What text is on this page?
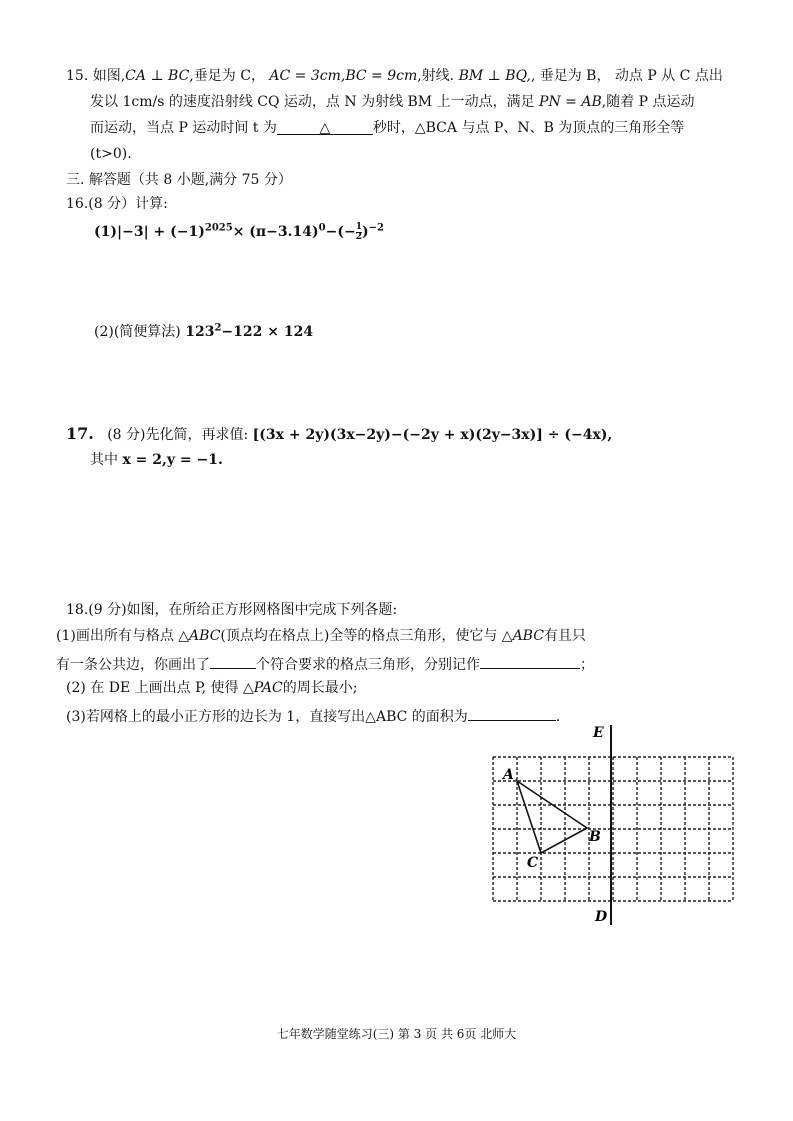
15. 如图,CA ⊥ BC,垂足为 C， AC = 3cm,BC = 9cm,射线. BM ⊥ BQ,, 垂足为 B， 动点 P 从 C 点出
发以 1cm/s 的速度沿射线 CQ 运动，点 N 为射线 BM 上一动点，满足 PN = AB,随着 P 点运动
而运动，当点 P 运动时间 t 为	△	秒时，△BCA 与点 P、N、B 为顶点的三角形全等
(t>0).
三. 解答题（共 8 小题,满分 75 分）
16.(8 分）计算:
$(1)|-3| + (-1)^{2025}\times (\pi-3.14)^0-(- \frac{1}{2} )^{-2}$
(2)(简便算法) $123^2-122 \times 124$
17. (8 分)先化简，再求值: [(3x + 2y)(3x−2y)−(−2y + x)(2y−3x)] ÷ (−4x),
其中 x = 2,y = −1.
18.(9 分)如图，在所给正方形网格图中完成下列各题:
(1)画出所有与格点 △ABC(顶点均在格点上)全等的格点三角形，使它与 △ABC有且只
有一条公共边，你画出了	个符合要求的格点三角形，分别记作	；
(2) 在 DE 上画出点 P, 使得 △PAC的周长最小;
(3)若网格上的最小正方形的边长为 1，直接写出△ABC 的面积为	.
E
D
A
B
C
七年数学随堂练习(三) 第 3 页 共 6页 北师大
